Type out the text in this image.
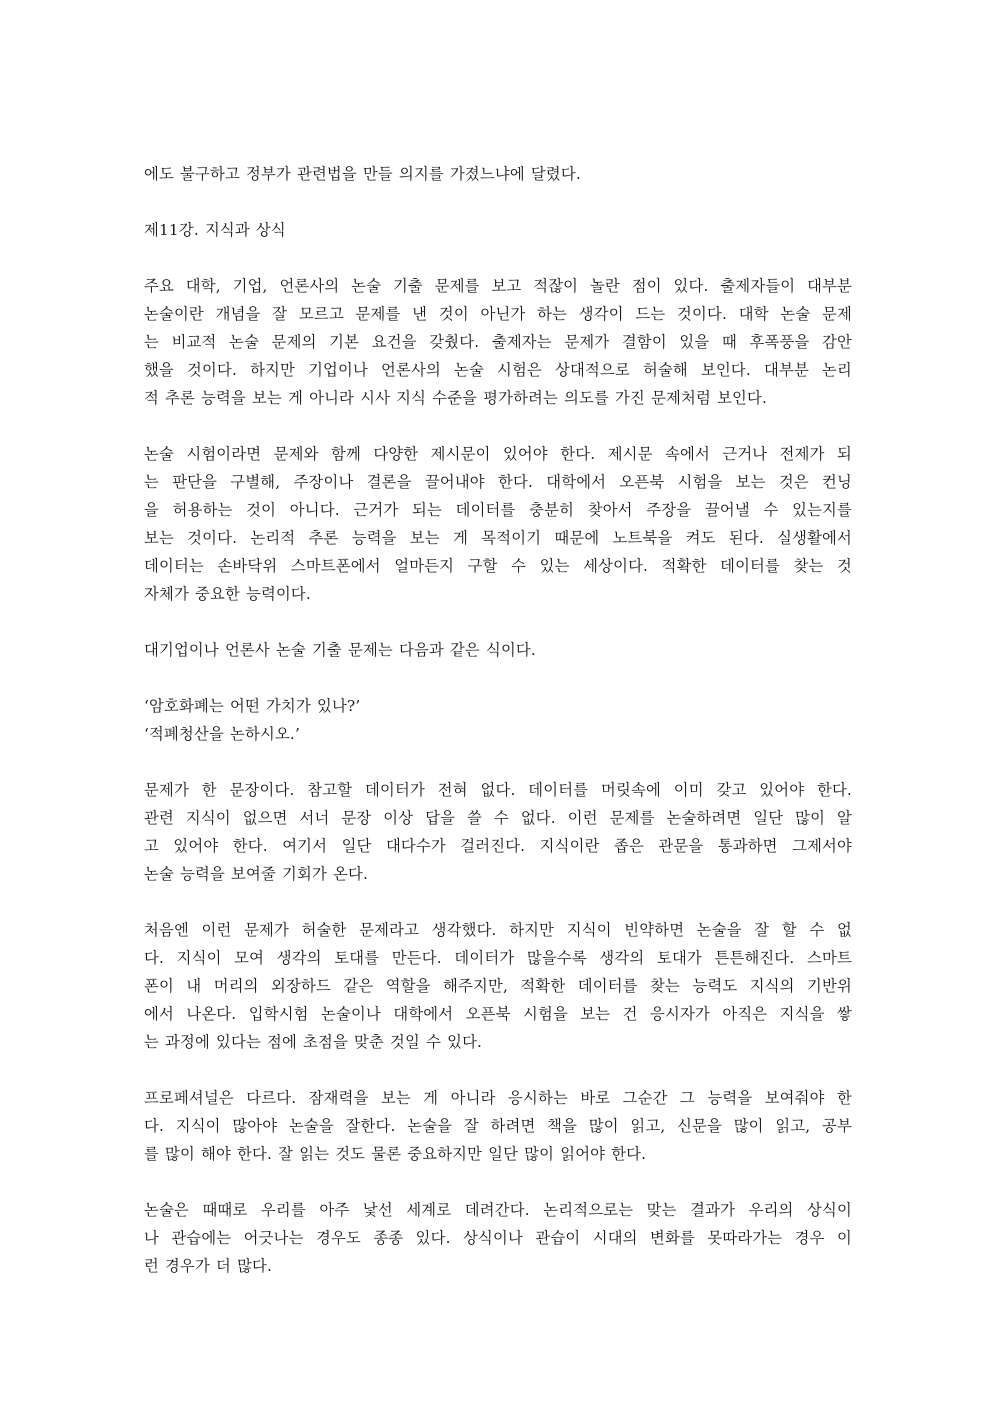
에도 불구하고 정부가 관련법을 만들 의지를 가졌느냐에 달렸다.

제11강. 지식과 상식

주요 대학, 기업, 언론사의 논술 기출 문제를 보고 적잖이 놀란 점이 있다. 출제자들이 대부분
논술이란 개념을 잘 모르고 문제를 낸 것이 아닌가 하는 생각이 드는 것이다. 대학 논술 문제
는 비교적 논술 문제의 기본 요건을 갖췄다. 출제자는 문제가 결함이 있을 때 후폭풍을 감안
했을 것이다. 하지만 기업이나 언론사의 논술 시험은 상대적으로 허술해 보인다. 대부분 논리
적 추론 능력을 보는 게 아니라 시사 지식 수준을 평가하려는 의도를 가진 문제처럼 보인다.

논술 시험이라면 문제와 함께 다양한 제시문이 있어야 한다. 제시문 속에서 근거나 전제가 되
는 판단을 구별해, 주장이나 결론을 끌어내야 한다. 대학에서 오픈북 시험을 보는 것은 컨닝
을 허용하는 것이 아니다. 근거가 되는 데이터를 충분히 찾아서 주장을 끌어낼 수 있는지를
보는 것이다. 논리적 추론 능력을 보는 게 목적이기 때문에 노트북을 켜도 된다. 실생활에서
데이터는 손바닥위 스마트폰에서 얼마든지 구할 수 있는 세상이다. 적확한 데이터를 찾는 것
자체가 중요한 능력이다.

대기업이나 언론사 논술 기출 문제는 다음과 같은 식이다.

‘암호화폐는 어떤 가치가 있나?’
‘적폐청산을 논하시오.’

문제가 한 문장이다. 참고할 데이터가 전혀 없다. 데이터를 머릿속에 이미 갖고 있어야 한다.
관련 지식이 없으면 서너 문장 이상 답을 쓸 수 없다. 이런 문제를 논술하려면 일단 많이 알
고 있어야 한다. 여기서 일단 대다수가 걸러진다. 지식이란 좁은 관문을 통과하면 그제서야
논술 능력을 보여줄 기회가 온다.

처음엔 이런 문제가 허술한 문제라고 생각했다. 하지만 지식이 빈약하면 논술을 잘 할 수 없
다. 지식이 모여 생각의 토대를 만든다. 데이터가 많을수록 생각의 토대가 튼튼해진다. 스마트
폰이 내 머리의 외장하드 같은 역할을 해주지만, 적확한 데이터를 찾는 능력도 지식의 기반위
에서 나온다. 입학시험 논술이나 대학에서 오픈북 시험을 보는 건 응시자가 아직은 지식을 쌓
는 과정에 있다는 점에 초점을 맞춘 것일 수 있다.

프로페셔널은 다르다. 잠재력을 보는 게 아니라 응시하는 바로 그순간 그 능력을 보여줘야 한
다. 지식이 많아야 논술을 잘한다. 논술을 잘 하려면 책을 많이 읽고, 신문을 많이 읽고, 공부
를 많이 해야 한다. 잘 읽는 것도 물론 중요하지만 일단 많이 읽어야 한다.

논술은 때때로 우리를 아주 낯선 세계로 데려간다. 논리적으로는 맞는 결과가 우리의 상식이
나 관습에는 어긋나는 경우도 종종 있다. 상식이나 관습이 시대의 변화를 못따라가는 경우 이
런 경우가 더 많다.
